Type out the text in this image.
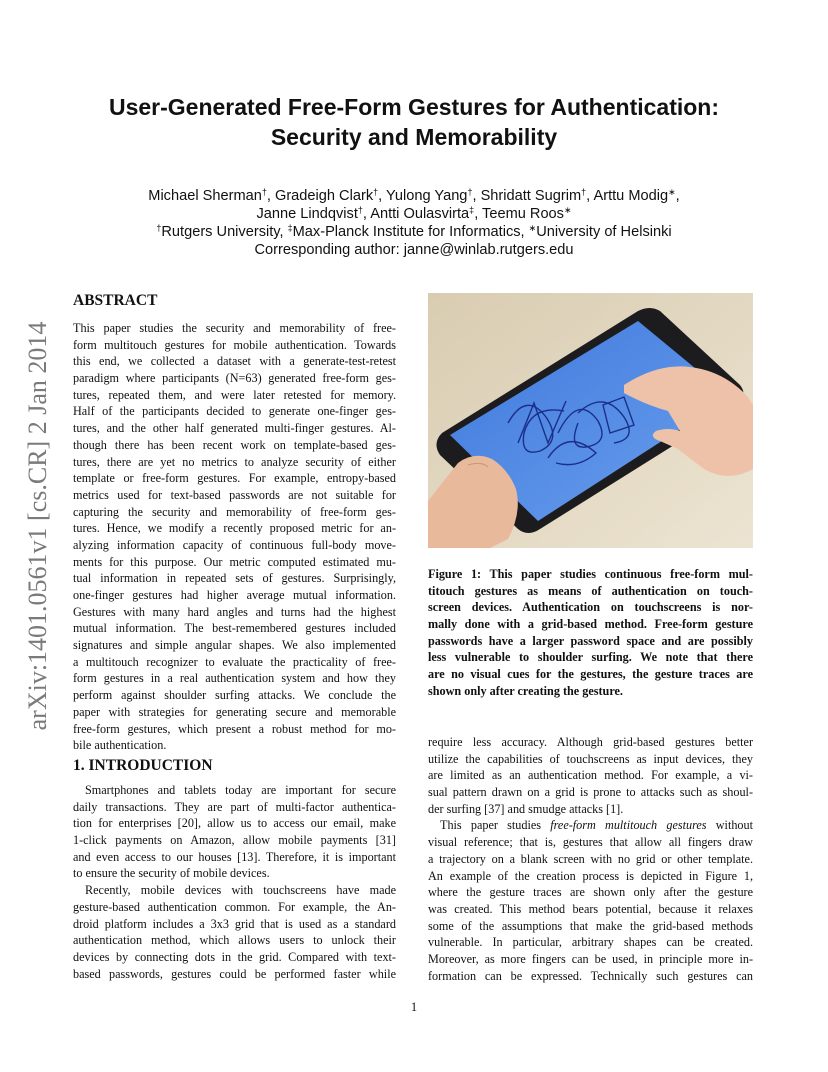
User-Generated Free-Form Gestures for Authentication:
Security and Memorability
Michael Sherman†, Gradeigh Clark†, Yulong Yang†, Shridatt Sugrim†, Arttu Modig∗,
Janne Lindqvist†, Antti Oulasvirta‡, Teemu Roos∗
†Rutgers University, ‡Max-Planck Institute for Informatics, ∗University of Helsinki
Corresponding author: janne@winlab.rutgers.edu
arXiv:1401.0561v1 [cs.CR] 2 Jan 2014
ABSTRACT
This paper studies the security and memorability of free-
form multitouch gestures for mobile authentication. Towards
this end, we collected a dataset with a generate-test-retest
paradigm where participants (N=63) generated free-form ges-
tures, repeated them, and were later retested for memory.
Half of the participants decided to generate one-finger ges-
tures, and the other half generated multi-finger gestures. Al-
though there has been recent work on template-based ges-
tures, there are yet no metrics to analyze security of either
template or free-form gestures. For example, entropy-based
metrics used for text-based passwords are not suitable for
capturing the security and memorability of free-form ges-
tures. Hence, we modify a recently proposed metric for an-
alyzing information capacity of continuous full-body move-
ments for this purpose. Our metric computed estimated mu-
tual information in repeated sets of gestures. Surprisingly,
one-finger gestures had higher average mutual information.
Gestures with many hard angles and turns had the highest
mutual information. The best-remembered gestures included
signatures and simple angular shapes. We also implemented
a multitouch recognizer to evaluate the practicality of free-
form gestures in a real authentication system and how they
perform against shoulder surfing attacks. We conclude the
paper with strategies for generating secure and memorable
free-form gestures, which present a robust method for mo-
bile authentication.
1. INTRODUCTION
Smartphones and tablets today are important for secure
daily transactions. They are part of multi-factor authentica-
tion for enterprises [20], allow us to access our email, make
1-click payments on Amazon, allow mobile payments [31]
and even access to our houses [13]. Therefore, it is important
to ensure the security of mobile devices.
Recently, mobile devices with touchscreens have made
gesture-based authentication common. For example, the An-
droid platform includes a 3x3 grid that is used as a standard
authentication method, which allows users to unlock their
devices by connecting dots in the grid. Compared with text-
based passwords, gestures could be performed faster while
Figure 1: This paper studies continuous free-form mul-
titouch gestures as means of authentication on touch-
screen devices. Authentication on touchscreens is nor-
mally done with a grid-based method. Free-form gesture
passwords have a larger password space and are possibly
less vulnerable to shoulder surfing. We note that there
are no visual cues for the gestures, the gesture traces are
shown only after creating the gesture.
require less accuracy. Although grid-based gestures better
utilize the capabilities of touchscreens as input devices, they
are limited as an authentication method. For example, a vi-
sual pattern drawn on a grid is prone to attacks such as shoul-
der surfing [37] and smudge attacks [1].
This paper studies free-form multitouch gestures without
visual reference; that is, gestures that allow all fingers draw
a trajectory on a blank screen with no grid or other template.
An example of the creation process is depicted in Figure 1,
where the gesture traces are shown only after the gesture
was created. This method bears potential, because it relaxes
some of the assumptions that make the grid-based methods
vulnerable. In particular, arbitrary shapes can be created.
Moreover, as more fingers can be used, in principle more in-
formation can be expressed. Technically such gestures can
1
